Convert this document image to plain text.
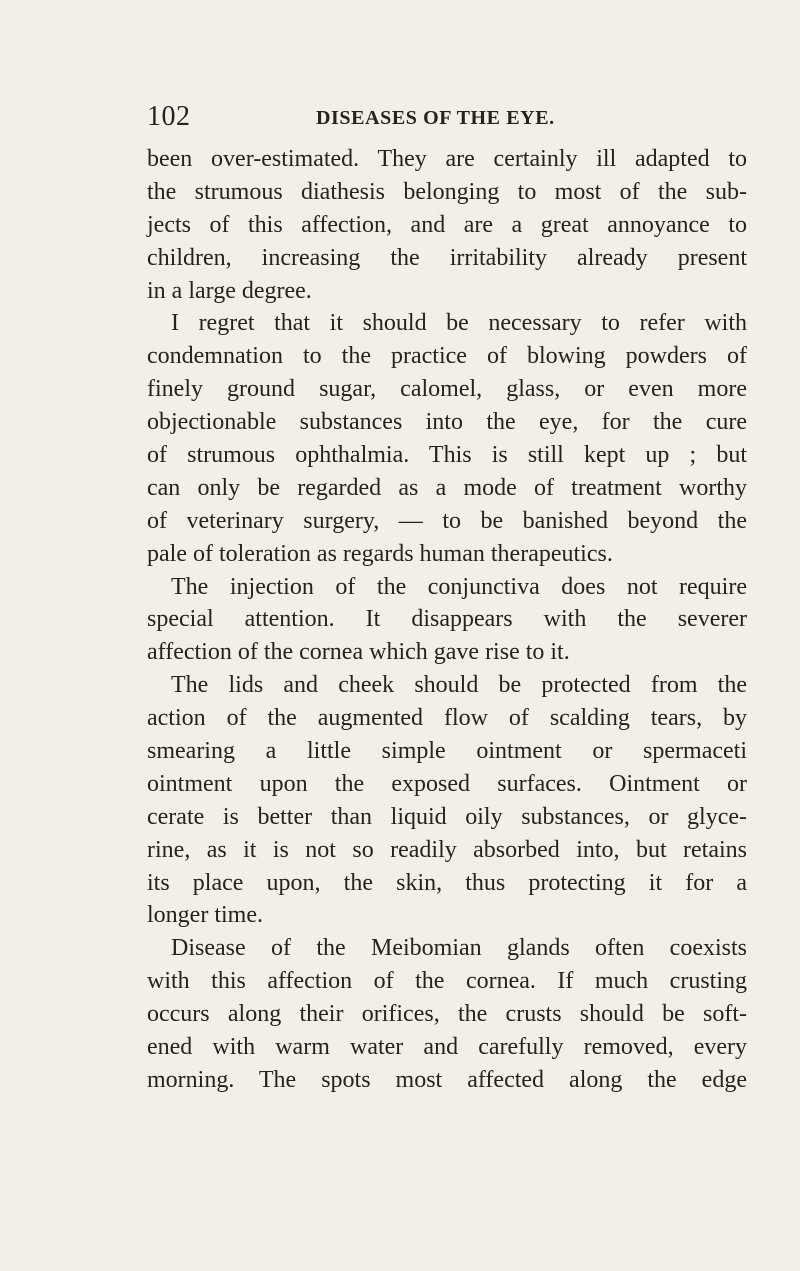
102	DISEASES OF THE EYE.
been over-estimated. They are certainly ill adapted to
the strumous diathesis belonging to most of the sub-
jects of this affection, and are a great annoyance to
children, increasing the irritability already present
in a large degree.
I regret that it should be necessary to refer with
condemnation to the practice of blowing powders of
finely ground sugar, calomel, glass, or even more
objectionable substances into the eye, for the cure
of strumous ophthalmia. This is still kept up ; but
can only be regarded as a mode of treatment worthy
of veterinary surgery, — to be banished beyond the
pale of toleration as regards human therapeutics.
The injection of the conjunctiva does not require
special attention. It disappears with the severer
affection of the cornea which gave rise to it.
The lids and cheek should be protected from the
action of the augmented flow of scalding tears, by
smearing a little simple ointment or spermaceti
ointment upon the exposed surfaces. Ointment or
cerate is better than liquid oily substances, or glyce-
rine, as it is not so readily absorbed into, but retains
its place upon, the skin, thus protecting it for a
longer time.
Disease of the Meibomian glands often coexists
with this affection of the cornea. If much crusting
occurs along their orifices, the crusts should be soft-
ened with warm water and carefully removed, every
morning. The spots most affected along the edge
